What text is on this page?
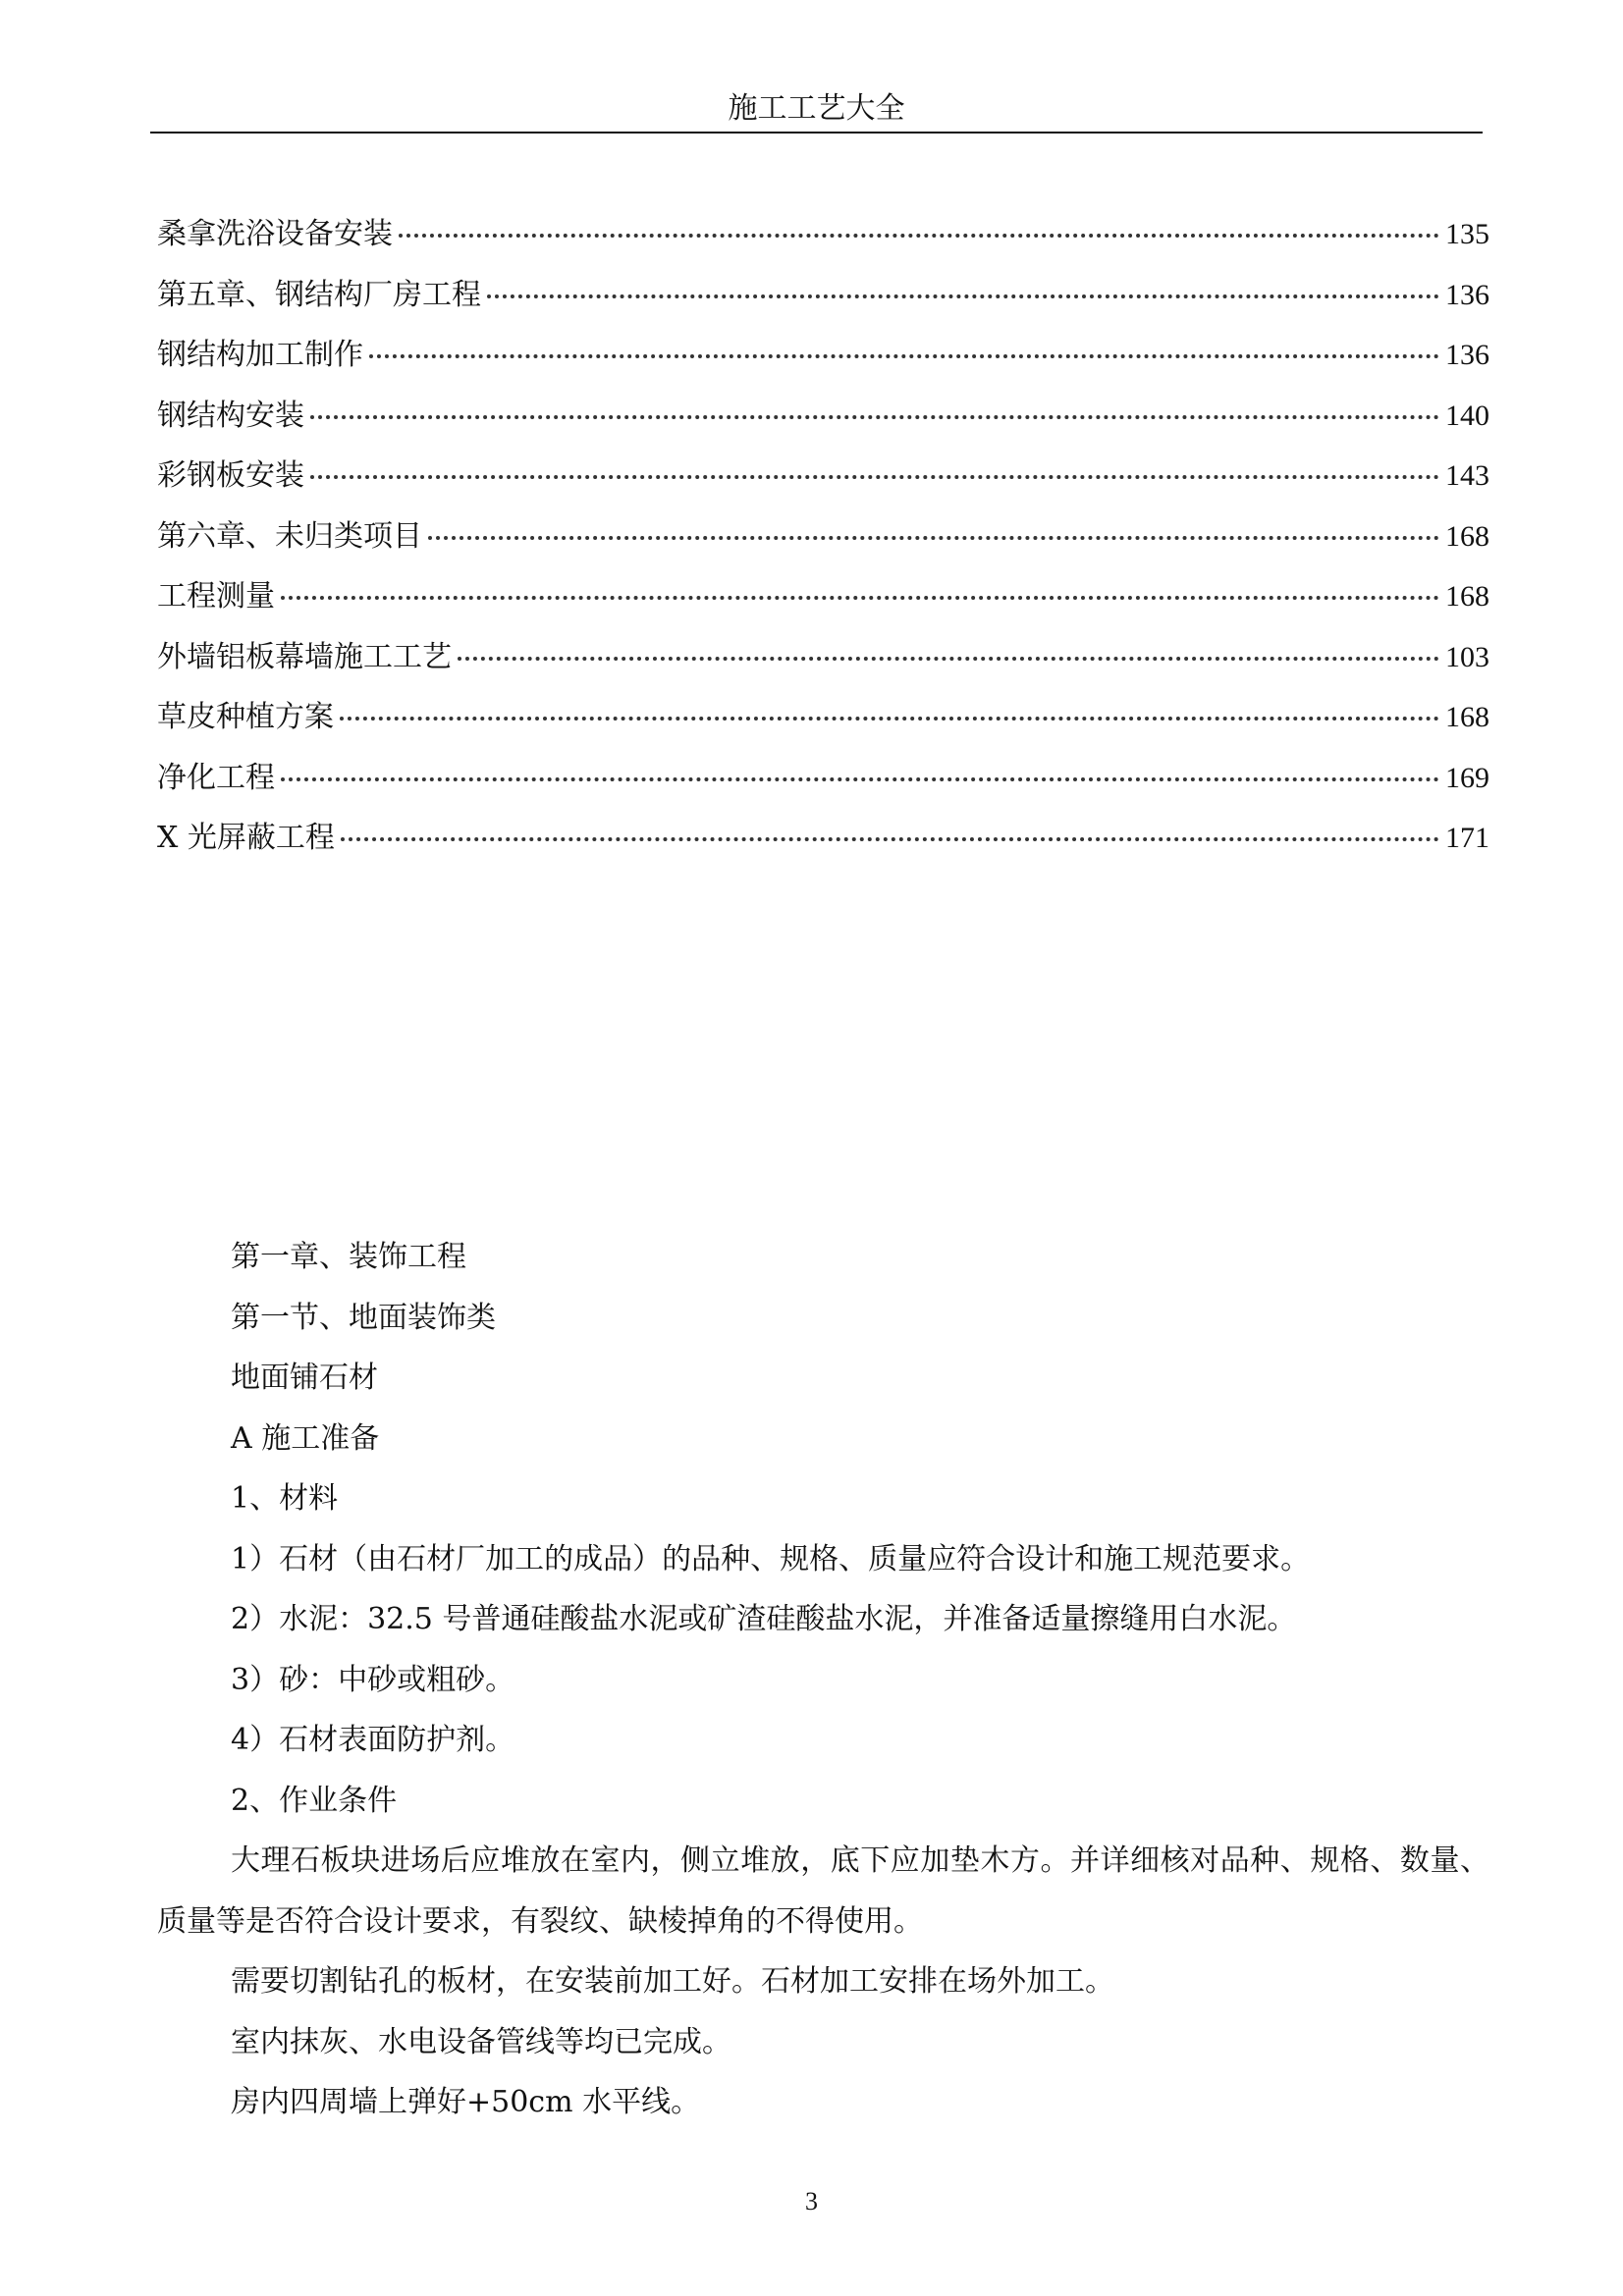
施工工艺大全
桑拿洗浴设备安装	135
第五章、钢结构厂房工程	136
钢结构加工制作	136
钢结构安装	140
彩钢板安装	143
第六章、未归类项目	168
工程测量	168
外墙铝板幕墙施工工艺	103
草皮种植方案	168
净化工程	169
X 光屏蔽工程	171

第一章、装饰工程

第一节、地面装饰类

地面铺石材

A 施工准备

1、材料

1）石材（由石材厂加工的成品）的品种、规格、质量应符合设计和施工规范要求。

2）水泥：32.5 号普通硅酸盐水泥或矿渣硅酸盐水泥，并准备适量擦缝用白水泥。

3）砂：中砂或粗砂。

4）石材表面防护剂。

2、作业条件

大理石板块进场后应堆放在室内，侧立堆放，底下应加垫木方。并详细核对品种、规格、数量、质量等是否符合设计要求，有裂纹、缺棱掉角的不得使用。

需要切割钻孔的板材，在安装前加工好。石材加工安排在场外加工。

室内抹灰、水电设备管线等均已完成。

房内四周墙上弹好+50cm 水平线。

3
